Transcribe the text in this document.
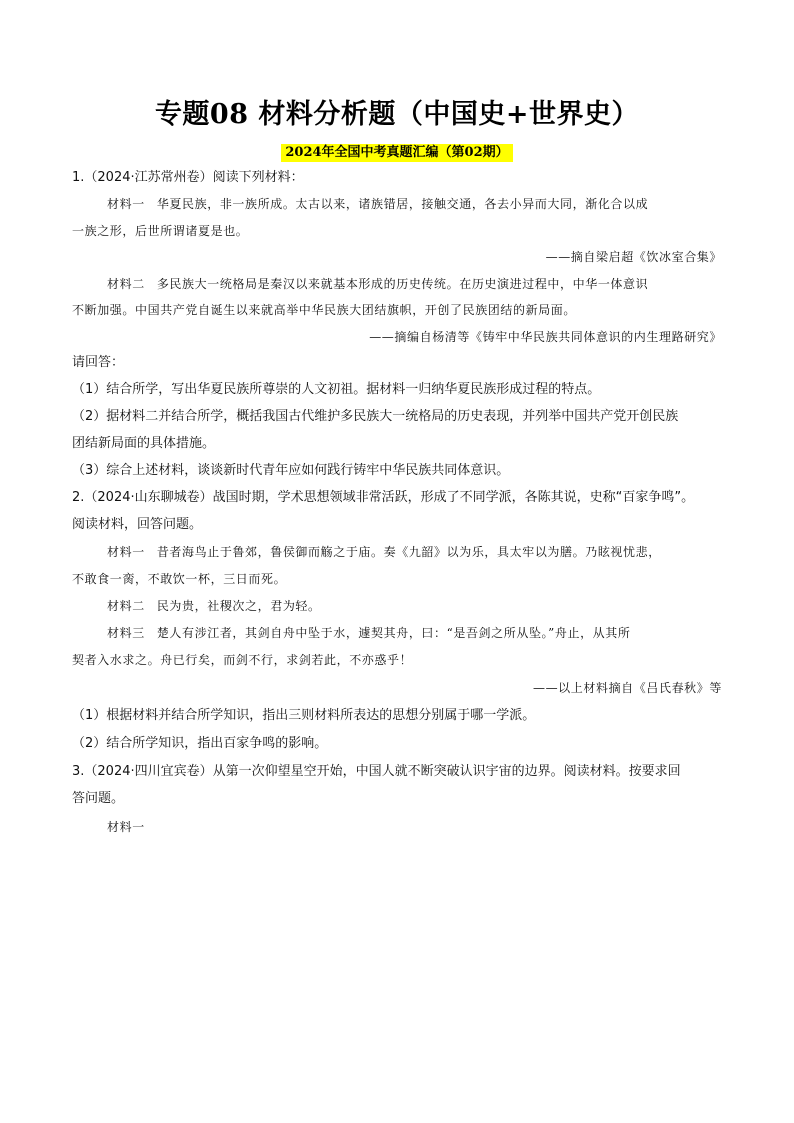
专题08 材料分析题（中国史+世界史）
2024年全国中考真题汇编（第02期）
1.（2024·江苏常州卷）阅读下列材料：
材料一 华夏民族，非一族所成。太古以来，诸族错居，接触交通，各去小异而大同，渐化合以成
一族之形，后世所谓诸夏是也。
——摘自梁启超《饮冰室合集》
材料二 多民族大一统格局是秦汉以来就基本形成的历史传统。在历史演进过程中，中华一体意识
不断加强。中国共产党自诞生以来就高举中华民族大团结旗帜，开创了民族团结的新局面。
——摘编自杨清等《铸牢中华民族共同体意识的内生理路研究》
请回答：
（1）结合所学，写出华夏民族所尊崇的人文初祖。据材料一归纳华夏民族形成过程的特点。
（2）据材料二并结合所学，概括我国古代维护多民族大一统格局的历史表现，并列举中国共产党开创民族
团结新局面的具体措施。
（3）综合上述材料，谈谈新时代青年应如何践行铸牢中华民族共同体意识。
2.（2024·山东聊城卷）战国时期，学术思想领域非常活跃，形成了不同学派，各陈其说，史称“百家争鸣”。
阅读材料，回答问题。
材料一 昔者海鸟止于鲁郊，鲁侯御而觞之于庙。奏《九韶》以为乐，具太牢以为膳。乃眩视忧悲，
不敢食一脔，不敢饮一杯，三日而死。
材料二 民为贵，社稷次之，君为轻。
材料三 楚人有涉江者，其剑自舟中坠于水，遽契其舟，曰：“是吾剑之所从坠。”舟止，从其所
契者入水求之。舟已行矣，而剑不行，求剑若此，不亦惑乎！
——以上材料摘自《吕氏春秋》等
（1）根据材料并结合所学知识，指出三则材料所表达的思想分别属于哪一学派。
（2）结合所学知识，指出百家争鸣的影响。
3.（2024·四川宜宾卷）从第一次仰望星空开始，中国人就不断突破认识宇宙的边界。阅读材料。按要求回
答问题。
材料一
